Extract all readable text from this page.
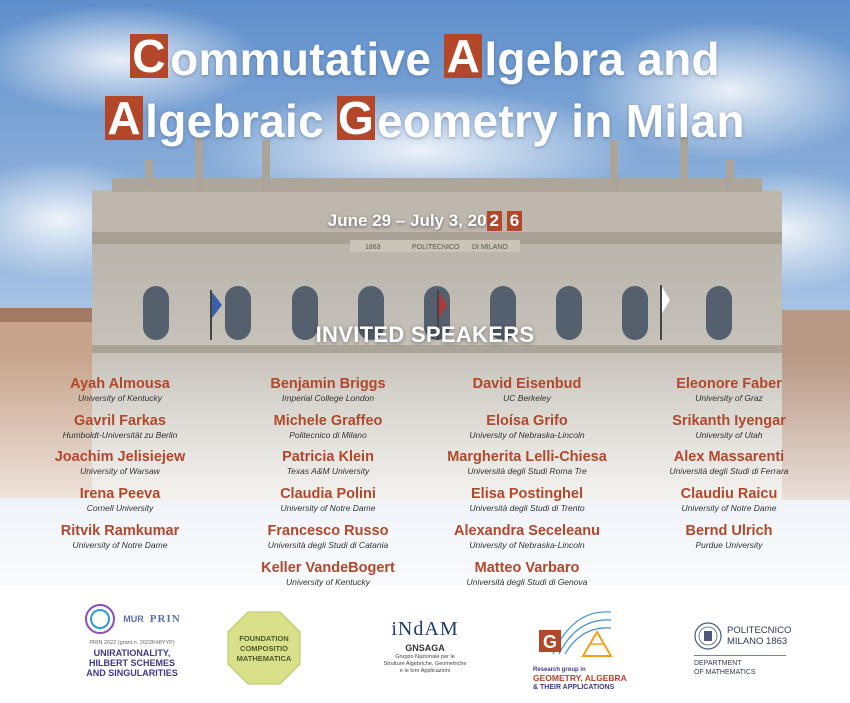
1863	POLITECNICO DI MILANO
Commutative Algebra and
Algebraic Geometry in Milan
June 29 – July 3, 20 2 6
INVITED SPEAKERS
Ayah Almousa
University of Kentucky
Gavril Farkas
Humboldt-Universität zu Berlin
Joachim Jelisiejew
University of Warsaw
Irena Peeva
Cornell University
Ritvik Ramkumar
University of Notre Dame
Benjamin Briggs
Imperial College London
Michele Graffeo
Politecnico di Milano
Patricia Klein
Texas A&M University
Claudia Polini
University of Notre Dame
Francesco Russo
Università degli Studi di Catania
Keller VandeBogert
University of Kentucky
David Eisenbud
UC Berkeley
Eloísa Grifo
University of Nebraska-Lincoln
Margherita Lelli-Chiesa
Università degli Studi Roma Tre
Elisa Postinghel
Università degli Studi di Trento
Alexandra Seceleanu
University of Nebraska-Lincoln
Matteo Varbaro
Università degli Studi di Genova
Eleonore Faber
University of Graz
Srikanth Iyengar
University of Utah
Alex Massarenti
Università degli Studi di Ferrara
Claudiu Raicu
University of Notre Dame
Bernd Ulrich
Purdue University
MUR PRIN
PRIN 2022 (grant n. 2022K48YYP)
UNIRATIONALITY,
HILBERT SCHEMES
AND SINGULARITIES
FOUNDATION
COMPOSITIO
MATHEMATICA
iNdAM
GNSAGA
Gruppo Nazionale per le
Strutture Algebriche, Geometriche
e le loro Applicazioni
G
Research group in
GEOMETRY, ALGEBRA
& THEIR APPLICATIONS
POLITECNICO
MILANO 1863
DEPARTMENT
OF MATHEMATICS
